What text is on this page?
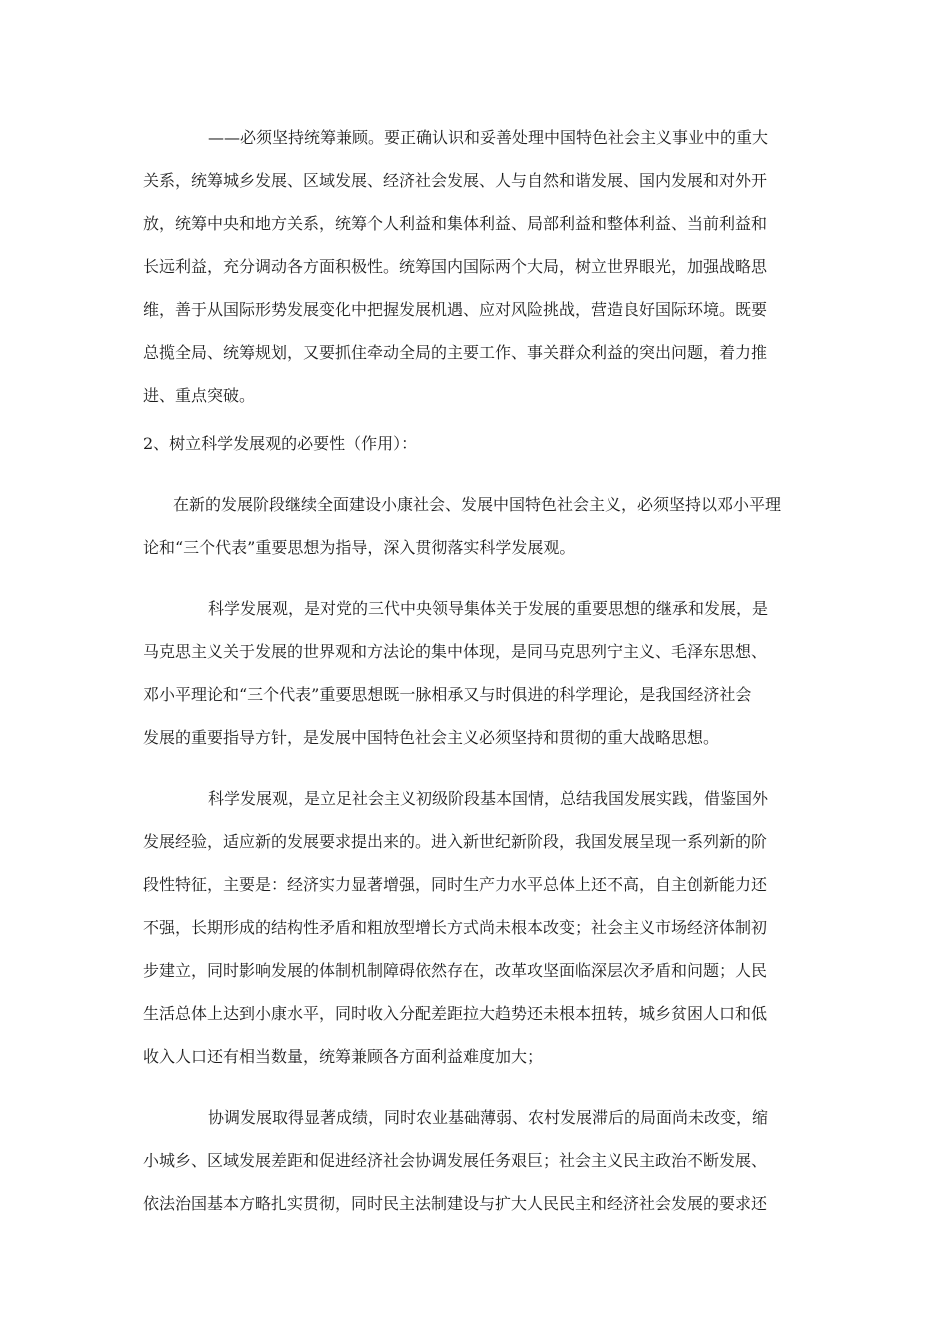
——必须坚持统筹兼顾。要正确认识和妥善处理中国特色社会主义事业中的重大

关系，统筹城乡发展、区域发展、经济社会发展、人与自然和谐发展、国内发展和对外开

放，统筹中央和地方关系，统筹个人利益和集体利益、局部利益和整体利益、当前利益和

长远利益，充分调动各方面积极性。统筹国内国际两个大局，树立世界眼光，加强战略思

维，善于从国际形势发展变化中把握发展机遇、应对风险挑战，营造良好国际环境。既要

总揽全局、统筹规划，又要抓住牵动全局的主要工作、事关群众利益的突出问题，着力推

进、重点突破。

2、树立科学发展观的必要性（作用）：

在新的发展阶段继续全面建设小康社会、发展中国特色社会主义，必须坚持以邓小平理

论和“三个代表”重要思想为指导，深入贯彻落实科学发展观。

科学发展观，是对党的三代中央领导集体关于发展的重要思想的继承和发展，是

马克思主义关于发展的世界观和方法论的集中体现，是同马克思列宁主义、毛泽东思想、

邓小平理论和“三个代表”重要思想既一脉相承又与时俱进的科学理论，是我国经济社会

发展的重要指导方针，是发展中国特色社会主义必须坚持和贯彻的重大战略思想。

科学发展观，是立足社会主义初级阶段基本国情，总结我国发展实践，借鉴国外

发展经验，适应新的发展要求提出来的。进入新世纪新阶段，我国发展呈现一系列新的阶

段性特征，主要是：经济实力显著增强，同时生产力水平总体上还不高，自主创新能力还

不强，长期形成的结构性矛盾和粗放型增长方式尚未根本改变；社会主义市场经济体制初

步建立，同时影响发展的体制机制障碍依然存在，改革攻坚面临深层次矛盾和问题；人民

生活总体上达到小康水平，同时收入分配差距拉大趋势还未根本扭转，城乡贫困人口和低

收入人口还有相当数量，统筹兼顾各方面利益难度加大；

协调发展取得显著成绩，同时农业基础薄弱、农村发展滞后的局面尚未改变，缩

小城乡、区域发展差距和促进经济社会协调发展任务艰巨；社会主义民主政治不断发展、

依法治国基本方略扎实贯彻，同时民主法制建设与扩大人民民主和经济社会发展的要求还
